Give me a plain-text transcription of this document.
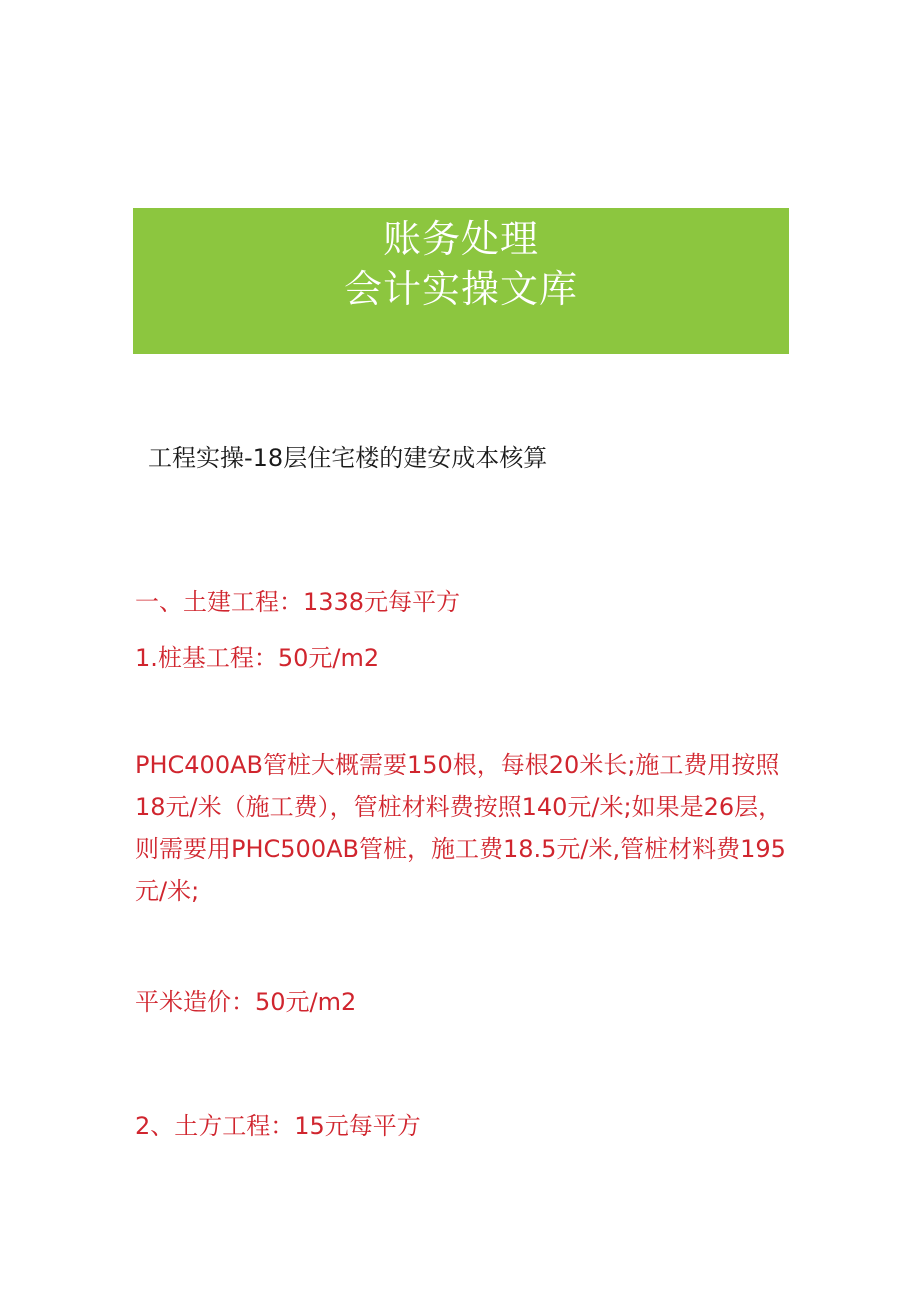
账务处理
会计实操文库
工程实操-18层住宅楼的建安成本核算
一、土建工程：1338元每平方
1.桩基工程：50元/m2
PHC400AB管桩大概需要150根，每根20米长;施工费用按照
18元/米（施工费），管桩材料费按照140元/米;如果是26层，
则需要用PHC500AB管桩，施工费18.5元/米,管桩材料费195
元/米;
平米造价：50元/m2
2、土方工程：15元每平方
